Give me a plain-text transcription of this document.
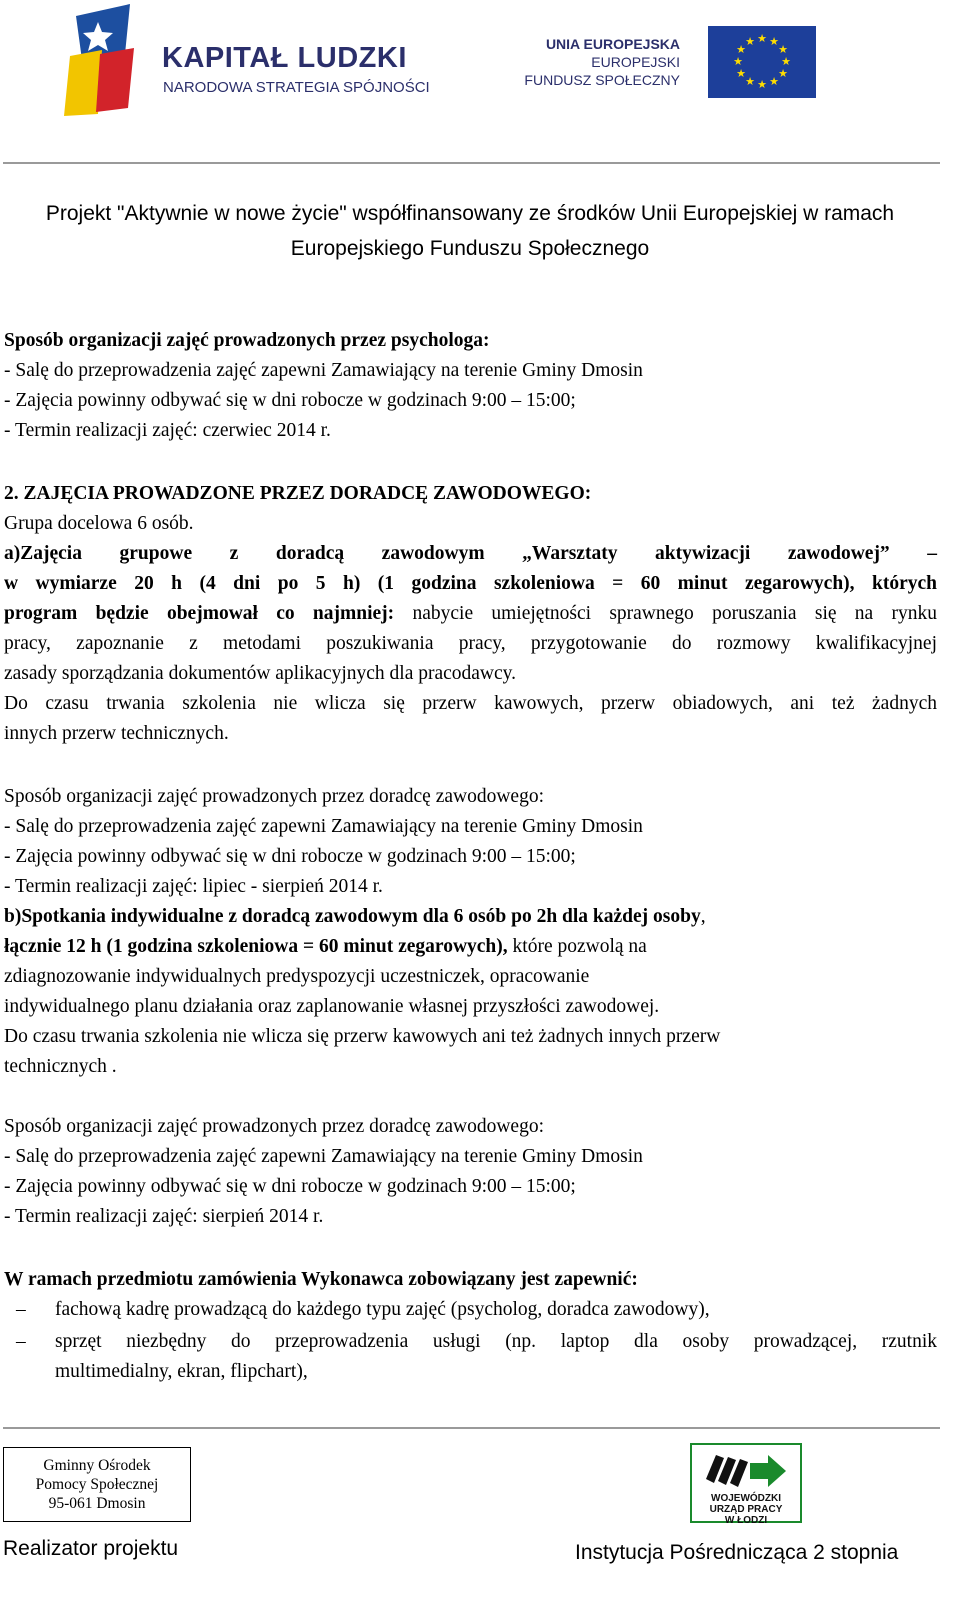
KAPITAŁ LUDZKI
NARODOWA STRATEGIA SPÓJNOŚCI
UNIA EUROPEJSKA
EUROPEJSKI
FUNDUSZ SPOŁECZNY
★ ★
★
★
★
★
★
★
★
★
★
★
Projekt "Aktywnie w nowe życie" współfinansowany ze środków Unii Europejskiej w ramach
Europejskiego Funduszu Społecznego
Sposób organizacji zajęć prowadzonych przez psychologa:
- Salę do przeprowadzenia zajęć zapewni Zamawiający na terenie Gminy Dmosin
- Zajęcia powinny odbywać się w dni robocze w godzinach 9:00 – 15:00;
- Termin realizacji zajęć: czerwiec 2014 r.
2. ZAJĘCIA PROWADZONE PRZEZ DORADCĘ ZAWODOWEGO:
Grupa docelowa 6 osób.
a)Zajęcia grupowe z doradcą zawodowym „Warsztaty aktywizacji zawodowej” –
w wymiarze 20 h (4 dni po 5 h) (1 godzina szkoleniowa = 60 minut zegarowych), których
program będzie obejmował co najmniej: nabycie umiejętności sprawnego poruszania się na rynku
pracy, zapoznanie z metodami poszukiwania pracy, przygotowanie do rozmowy kwalifikacyjnej
zasady sporządzania dokumentów aplikacyjnych dla pracodawcy.
Do czasu trwania szkolenia nie wlicza się przerw kawowych, przerw obiadowych, ani też żadnych
innych przerw technicznych.
Sposób organizacji zajęć prowadzonych przez doradcę zawodowego:
- Salę do przeprowadzenia zajęć zapewni Zamawiający na terenie Gminy Dmosin
- Zajęcia powinny odbywać się w dni robocze w godzinach 9:00 – 15:00;
- Termin realizacji zajęć: lipiec - sierpień 2014 r.
b)Spotkania indywidualne z doradcą zawodowym dla 6 osób po 2h dla każdej osoby,
łącznie 12 h (1 godzina szkoleniowa = 60 minut zegarowych), które pozwolą na
zdiagnozowanie indywidualnych predyspozycji uczestniczek, opracowanie
indywidualnego planu działania oraz zaplanowanie własnej przyszłości zawodowej.
Do czasu trwania szkolenia nie wlicza się przerw kawowych ani też żadnych innych przerw
technicznych .
Sposób organizacji zajęć prowadzonych przez doradcę zawodowego:
- Salę do przeprowadzenia zajęć zapewni Zamawiający na terenie Gminy Dmosin
- Zajęcia powinny odbywać się w dni robocze w godzinach 9:00 – 15:00;
- Termin realizacji zajęć: sierpień 2014 r.
W ramach przedmiotu zamówienia Wykonawca zobowiązany jest zapewnić:
– fachową kadrę prowadzącą do każdego typu zajęć (psycholog, doradca zawodowy),
– sprzęt niezbędny do przeprowadzenia usługi (np. laptop dla osoby prowadzącej, rzutnik
multimedialny, ekran, flipchart),
Gminny Ośrodek
Pomocy Społecznej
95-061 Dmosin
Realizator projektu
WOJEWÓDZKI
URZĄD PRACY
W ŁODZI
Instytucja Pośrednicząca 2 stopnia
